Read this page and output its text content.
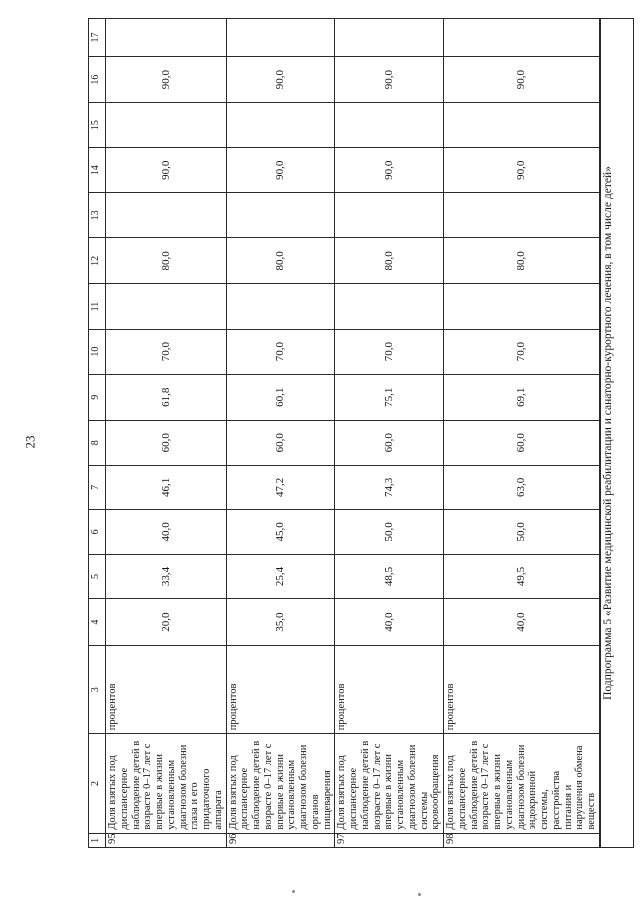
23
1	2	3	4	5	6	7	8	9	10	11	12	13	14	15	16	17
95	Доля взятых под диспансерное наблюдение детей в возрасте 0–17 лет с впервые в жизни установленным диагнозом болезни глаза и его придаточного аппарата	процентов	20,0	33,4	40,0	46,1	60,0	61,8	70,0		80,0		90,0		90,0	
96	Доля взятых под диспансерное наблюдение детей в возрасте 0–17 лет с впервые в жизни установленным диагнозом болезни органов пищеварения	процентов	35,0	25,4	45,0	47,2	60,0	60,1	70,0		80,0		90,0		90,0	
97	Доля взятых под диспансерное наблюдение детей в возрасте 0–17 лет с впервые в жизни установленным диагнозом болезни системы кровообращения	процентов	40,0	48,5	50,0	74,3	60,0	75,1	70,0		80,0		90,0		90,0	
98	Доля взятых под диспансерное наблюдение детей в возрасте 0–17 лет с впервые в жизни установленным диагнозом болезни эндокринной системы, расстройства питания и нарушения обмена веществ	процентов	40,0	49,5	50,0	63,0	60,0	69,1	70,0		80,0		90,0		90,0	
Подпрограмма 5 «Развитие медицинской реабилитации и санаторно-курортного лечения, в том числе детей»
